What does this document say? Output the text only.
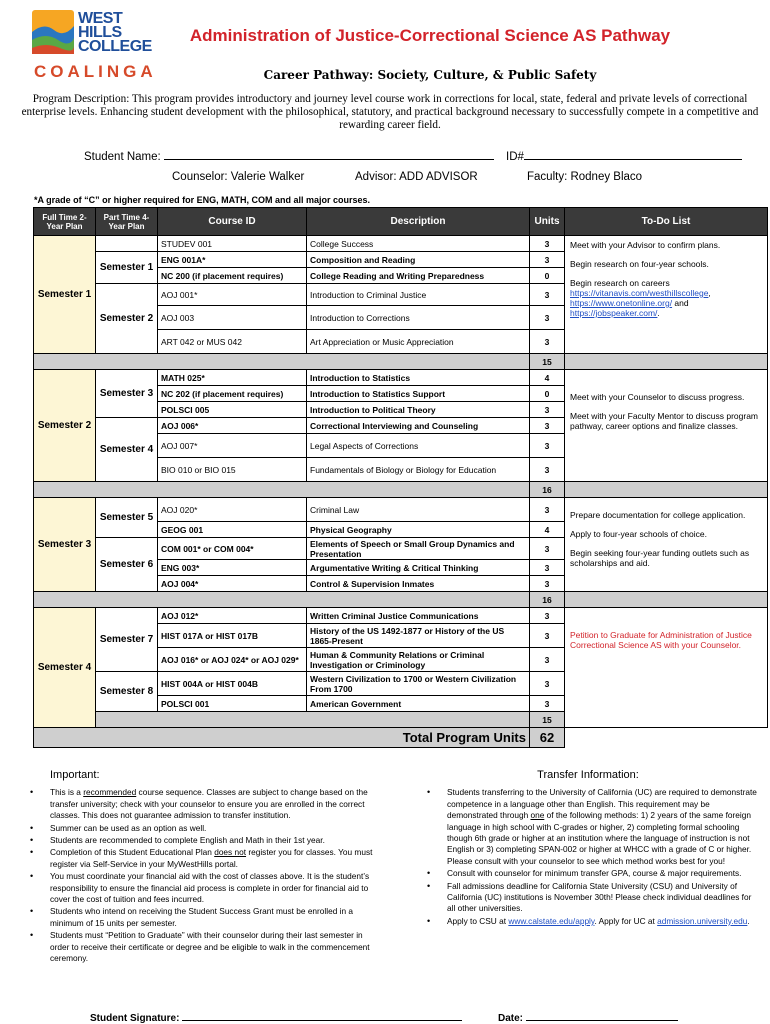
WEST
HILLS
COLLEGE
COALINGA
Administration of Justice-Correctional Science AS Pathway
Career Pathway: Society, Culture, & Public Safety
Program Description: This program provides introductory and journey level course work in corrections for local, state, federal and private levels of correctional enterprise levels. Enhancing student development with the philosophical, statutory, and practical background necessary to successfully compete in a competitive and rewarding career field.
Student Name:	ID#
Counselor: Valerie Walker	Advisor: ADD ADVISOR	Faculty: Rodney Blaco
*A grade of “C” or higher required for ENG, MATH, COM and all major courses.
Full Time 2-Year Plan	Part Time 4-Year Plan	Course ID	Description	Units	To-Do List	
Semester 1		STUDEV 001	College Success	3	Meet with your Advisor to confirm plans.

Begin research on four-year schools.

Begin research on careers https://vitanavis.com/westhillscollege, https://www.onetonline.org/ and https://jobspeaker.com/.	

	Semester 1	ENG 001A*	Composition and Reading	3		
		NC 200 (if placement requires)	College Reading and Writing Preparedness	0		
	Semester 2	AOJ 001*	Introduction to Criminal Justice	3		
		AOJ 003	Introduction to Corrections	3		
		ART 042 or MUS 042	Art Appreciation or Music Appreciation	3		
				15		
Semester 2	Semester 3	MATH 025*	Introduction to Statistics	4	Meet with your Counselor to discuss progress.

Meet with your Faculty Mentor to discuss program pathway, career options and finalize classes.	

		NC 202 (if placement requires)	Introduction to Statistics Support	0		
		POLSCI 005	Introduction to Political Theory	3		
	Semester 4	AOJ 006*	Correctional Interviewing and Counseling	3		
		AOJ 007*	Legal Aspects of Corrections	3		
		BIO 010 or BIO 015	Fundamentals of Biology or Biology for Education	3		
				16		
Semester 3	Semester 5	AOJ 020*	Criminal Law	3	Prepare documentation for college application.

Apply to four-year schools of choice.

Begin seeking four-year funding outlets such as scholarships and aid.	

		GEOG 001	Physical Geography	4		
	Semester 6	COM 001* or COM 004*	Elements of Speech or Small Group Dynamics and Presentation	3		
		ENG 003*	Argumentative Writing & Critical Thinking	3		
		AOJ 004*	Control & Supervision Inmates	3		
				16		
Semester 4	Semester 7	AOJ 012*	Written Criminal Justice Communications	3	Petition to Graduate for Administration of Justice Correctional Science AS with your Counselor.	
		HIST 017A or HIST 017B	History of the US 1492-1877 or History of the US 1865-Present	3		
		AOJ 016* or AOJ 024* or AOJ 029*	Human & Community Relations or Criminal Investigation or Criminology	3		
	Semester 8	HIST 004A or HIST 004B	Western Civilization to 1700 or Western Civilization From 1700	3		
		POLSCI 001	American Government	3		
				15		
Total Program Units				62		
Important:
• This is a recommended course sequence. Classes are subject to change based on the transfer university; check with your counselor to ensure you are enrolled in the correct classes. This does not guarantee admission to transfer institution.
• Summer can be used as an option as well.
• Students are recommended to complete English and Math in their 1st year.
• Completion of this Student Educational Plan does not register you for classes. You must register via Self-Service in your MyWestHills portal.
• You must coordinate your financial aid with the cost of classes above. It is the student’s responsibility to ensure the financial aid process is complete in order for financial aid to cover the cost of tuition and fees incurred.
• Students who intend on receiving the Student Success Grant must be enrolled in a minimum of 15 units per semester.
• Students must “Petition to Graduate” with their counselor during their last semester in order to receive their certificate or degree and be eligible to walk in the commencement ceremony.
Transfer Information:
• Students transferring to the University of California (UC) are required to demonstrate competence in a language other than English. This requirement may be demonstrated through one of the following methods: 1) 2 years of the same foreign language in high school with C-grades or higher, 2) completing formal schooling though 6th grade or higher at an institution where the language of instruction is not English or 3) completing SPAN-002 or higher at WHCC with a grade of C or higher. Please consult with your counselor to see which method works best for you!
• Consult with counselor for minimum transfer GPA, course & major requirements.
• Fall admissions deadline for California State University (CSU) and University of California (UC) institutions is November 30th! Please check individual deadlines for all other universities.
• Apply to CSU at www.calstate.edu/apply. Apply for UC at admission.university.edu.
Student Signature:	Date:
